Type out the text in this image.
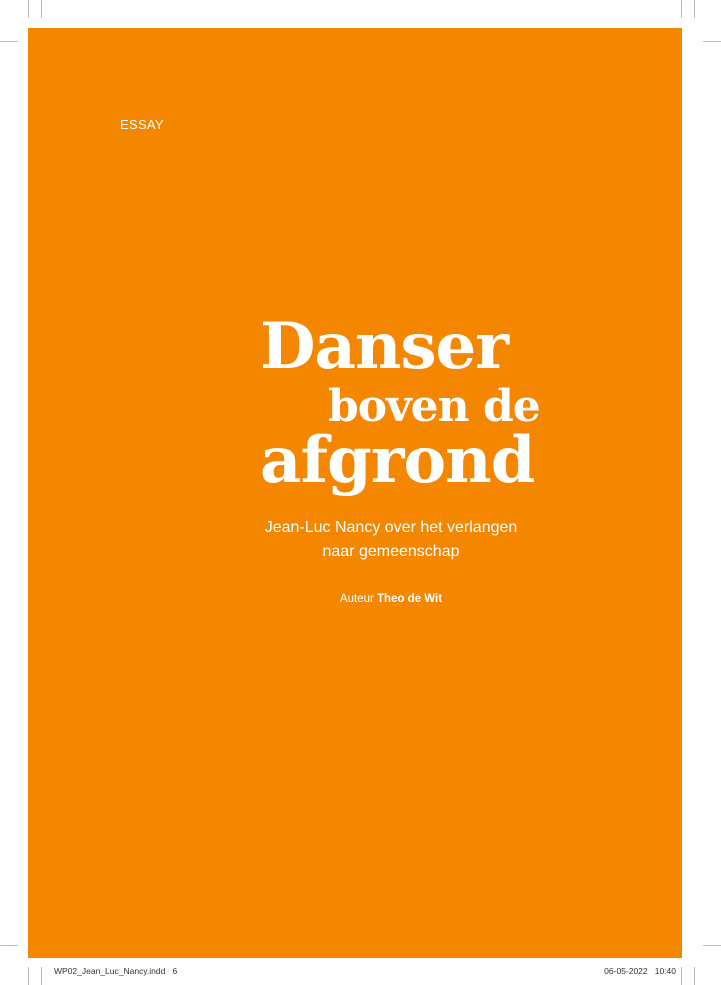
ESSAY
Danser
boven de
afgrond
Jean-Luc Nancy over het verlangen
naar gemeenschap
Auteur Theo de Wit
WP02_Jean_Luc_Nancy.indd   6	06-05-2022   10:40
